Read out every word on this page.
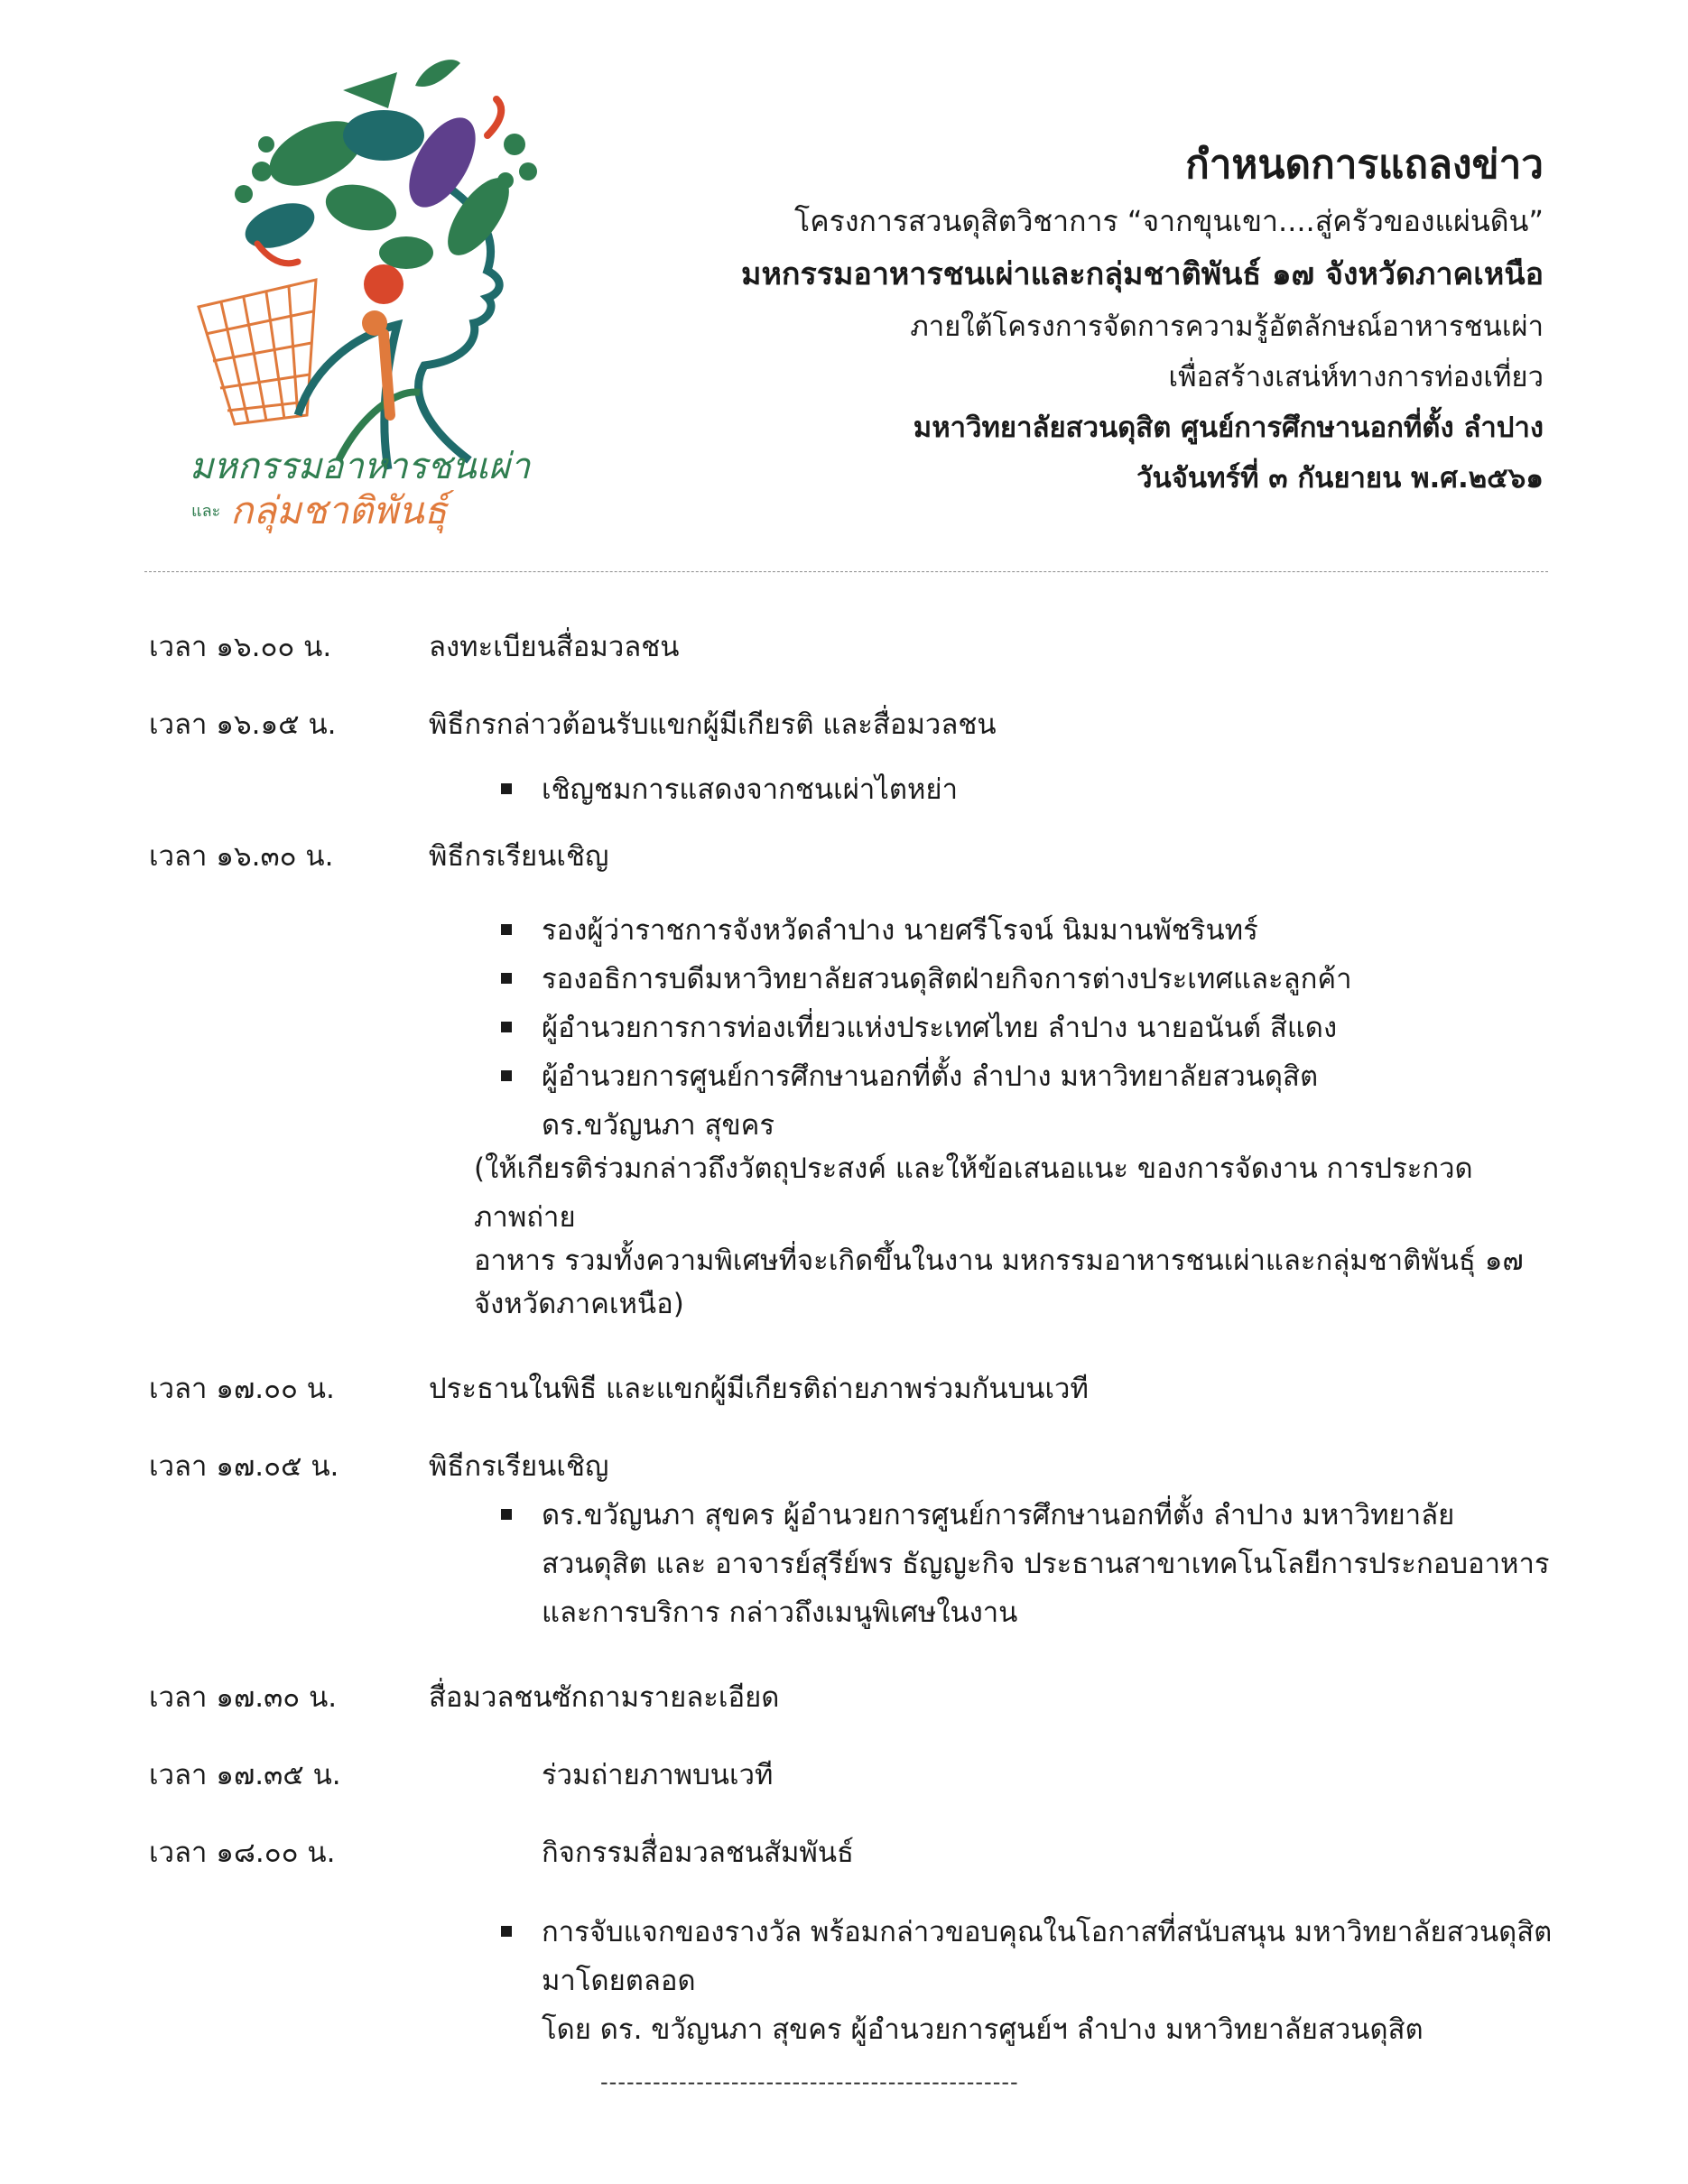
มหกรรมอาหารชนเผ่า
และ กลุ่มชาติพันธุ์
กำหนดการแถลงข่าว
โครงการสวนดุสิตวิชาการ “จากขุนเขา....สู่ครัวของแผ่นดิน”
มหกรรมอาหารชนเผ่าและกลุ่มชาติพันธ์ ๑๗ จังหวัดภาคเหนือ
ภายใต้โครงการจัดการความรู้อัตลักษณ์อาหารชนเผ่า
เพื่อสร้างเสน่ห์ทางการท่องเที่ยว
มหาวิทยาลัยสวนดุสิต ศูนย์การศึกษานอกที่ตั้ง ลำปาง
วันจันทร์ที่ ๓ กันยายน พ.ศ.๒๕๖๑
เวลา ๑๖.๐๐ น.	ลงทะเบียนสื่อมวลชน
เวลา ๑๖.๑๕ น.	พิธีกรกล่าวต้อนรับแขกผู้มีเกียรติ และสื่อมวลชน
เชิญชมการแสดงจากชนเผ่าไตหย่า
เวลา ๑๖.๓๐ น.	พิธีกรเรียนเชิญ
รองผู้ว่าราชการจังหวัดลำปาง นายศรีโรจน์ นิมมานพัชรินทร์
รองอธิการบดีมหาวิทยาลัยสวนดุสิตฝ่ายกิจการต่างประเทศและลูกค้า
ผู้อำนวยการการท่องเที่ยวแห่งประเทศไทย ลำปาง นายอนันต์ สีแดง
ผู้อำนวยการศูนย์การศึกษานอกที่ตั้ง ลำปาง มหาวิทยาลัยสวนดุสิต
ดร.ขวัญนภา สุขคร
(ให้เกียรติร่วมกล่าวถึงวัตถุประสงค์ และให้ข้อเสนอแนะ ของการจัดงาน การประกวดภาพถ่าย
อาหาร รวมทั้งความพิเศษที่จะเกิดขึ้นในงาน มหกรรมอาหารชนเผ่าและกลุ่มชาติพันธุ์ ๑๗
จังหวัดภาคเหนือ)
เวลา ๑๗.๐๐ น.	ประธานในพิธี และแขกผู้มีเกียรติถ่ายภาพร่วมกันบนเวที
เวลา ๑๗.๐๕ น.	พิธีกรเรียนเชิญ
ดร.ขวัญนภา สุขคร ผู้อำนวยการศูนย์การศึกษานอกที่ตั้ง ลำปาง มหาวิทยาลัย
สวนดุสิต และ อาจารย์สุรีย์พร ธัญญะกิจ ประธานสาขาเทคโนโลยีการประกอบอาหาร
และการบริการ กล่าวถึงเมนูพิเศษในงาน
เวลา ๑๗.๓๐ น.	สื่อมวลชนซักถามรายละเอียด
เวลา ๑๗.๓๕ น.	ร่วมถ่ายภาพบนเวที
เวลา ๑๘.๐๐ น.	กิจกรรมสื่อมวลชนสัมพันธ์
การจับแจกของรางวัล พร้อมกล่าวขอบคุณในโอกาสที่สนับสนุน มหาวิทยาลัยสวนดุสิต
มาโดยตลอด
โดย ดร. ขวัญนภา สุขคร ผู้อำนวยการศูนย์ฯ ลำปาง มหาวิทยาลัยสวนดุสิต
------------------------------------------------
